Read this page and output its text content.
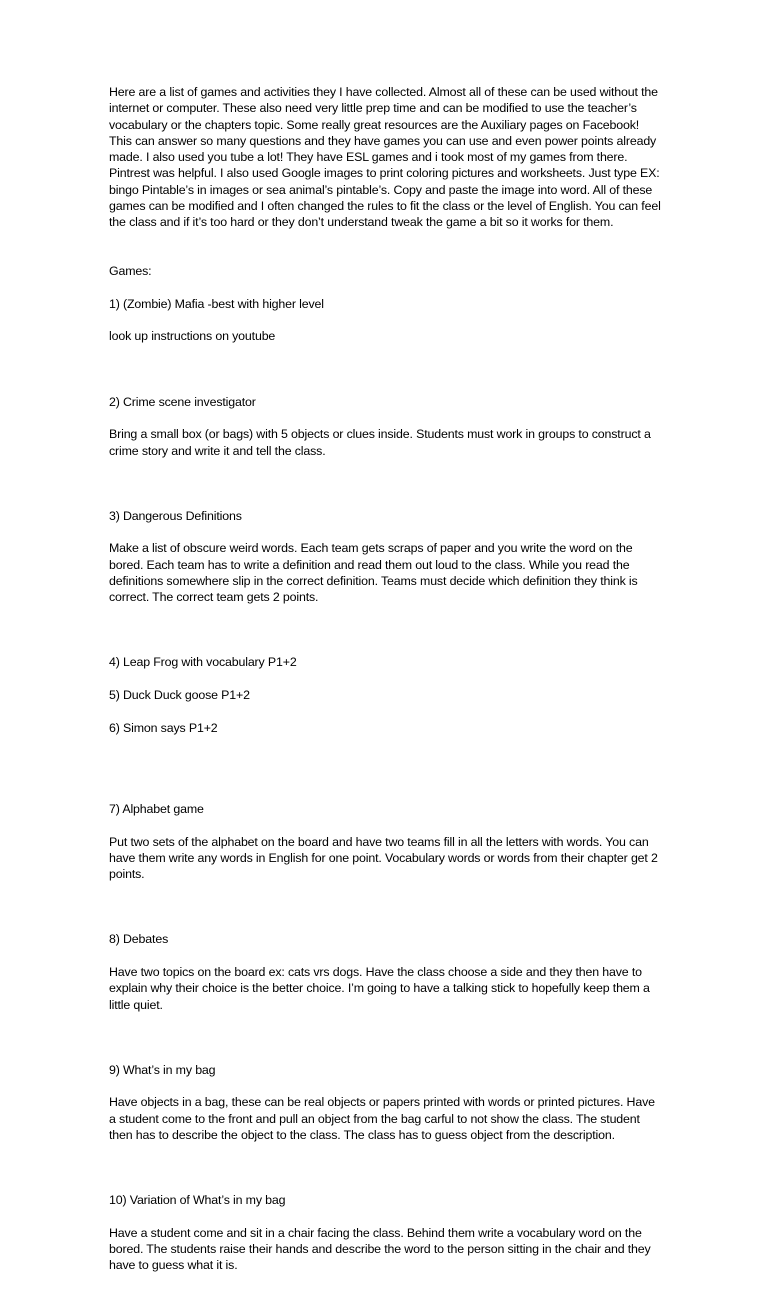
Here are a list of games and activities they I have collected. Almost all of these can be used without the internet or computer. These also need very little prep time and can be modified to use the teacher’s vocabulary or the chapters topic. Some really great resources are the Auxiliary pages on Facebook! This can answer so many questions and they have games you can use and even power points already made. I also used you tube a lot! They have ESL games and i took most of my games from there. Pintrest was helpful. I also used Google images to print coloring pictures and worksheets. Just type EX: bingo Pintable’s in images or sea animal’s pintable’s. Copy and paste the image into word. All of these games can be modified and I often changed the rules to fit the class or the level of English. You can feel the class and if it’s too hard or they don’t understand tweak the game a bit so it works for them.

Games:

1) (Zombie) Mafia -best with higher level

look up instructions on youtube

2) Crime scene investigator

Bring a small box (or bags) with 5 objects or clues inside. Students must work in groups to construct a crime story and write it and tell the class.

3) Dangerous Definitions

Make a list of obscure weird words. Each team gets scraps of paper and you write the word on the bored. Each team has to write a definition and read them out loud to the class. While you read the definitions somewhere slip in the correct definition. Teams must decide which definition they think is correct. The correct team gets 2 points.

4) Leap Frog with vocabulary P1+2

5) Duck Duck goose P1+2

6) Simon says P1+2

7) Alphabet game

Put two sets of the alphabet on the board and have two teams fill in all the letters with words. You can have them write any words in English for one point. Vocabulary words or words from their chapter get 2 points.

8) Debates

Have two topics on the board ex: cats vrs dogs. Have the class choose a side and they then have to explain why their choice is the better choice. I’m going to have a talking stick to hopefully keep them a little quiet.

9) What’s in my bag

Have objects in a bag, these can be real objects or papers printed with words or printed pictures. Have a student come to the front and pull an object from the bag carful to not show the class. The student then has to describe the object to the class. The class has to guess object from the description.

10) Variation of What’s in my bag

Have a student come and sit in a chair facing the class. Behind them write a vocabulary word on the bored. The students raise their hands and describe the word to the person sitting in the chair and they have to guess what it is.
